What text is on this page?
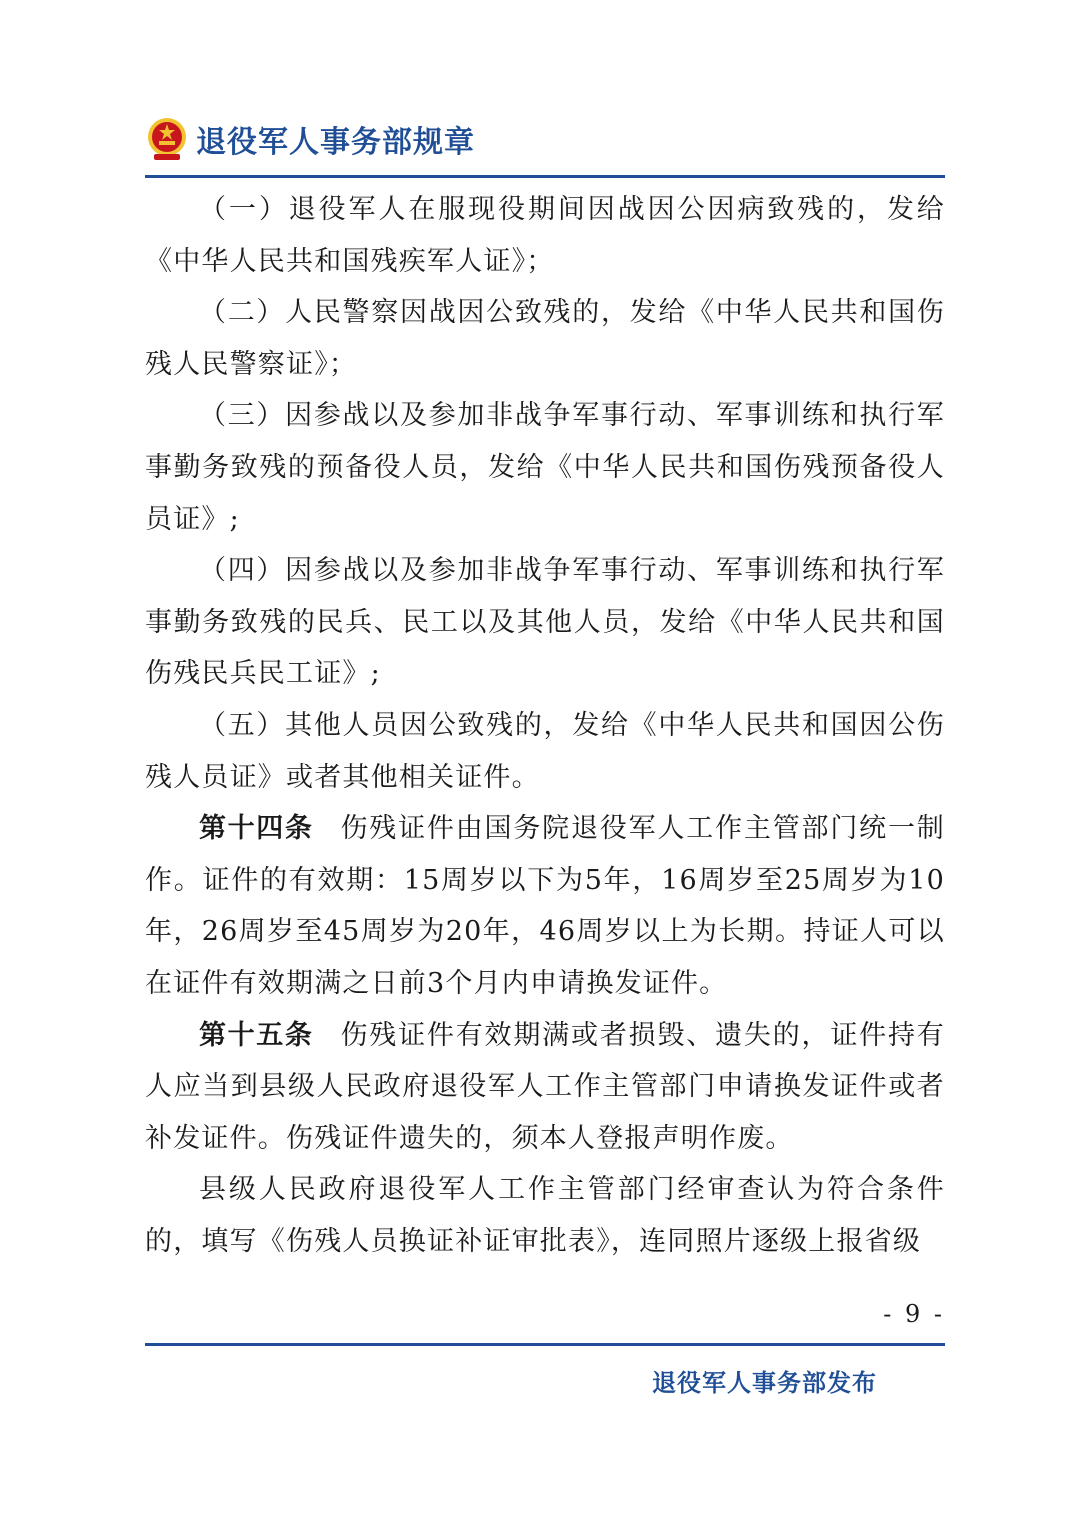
退役军人事务部规章

（一）退役军人在服现役期间因战因公因病致残的，发给《中华人民共和国残疾军人证》；

（二）人民警察因战因公致残的，发给《中华人民共和国伤残人民警察证》；

（三）因参战以及参加非战争军事行动、军事训练和执行军事勤务致残的预备役人员，发给《中华人民共和国伤残预备役人员证》;

（四）因参战以及参加非战争军事行动、军事训练和执行军事勤务致残的民兵、民工以及其他人员，发给《中华人民共和国伤残民兵民工证》;

（五）其他人员因公致残的，发给《中华人民共和国因公伤残人员证》或者其他相关证件。

第十四条 伤残证件由国务院退役军人工作主管部门统一制作。证件的有效期：15周岁以下为5年，16周岁至25周岁为10年，26周岁至45周岁为20年，46周岁以上为长期。持证人可以在证件有效期满之日前3个月内申请换发证件。

第十五条 伤残证件有效期满或者损毁、遗失的，证件持有人应当到县级人民政府退役军人工作主管部门申请换发证件或者补发证件。伤残证件遗失的，须本人登报声明作废。

县级人民政府退役军人工作主管部门经审查认为符合条件的，填写《伤残人员换证补证审批表》，连同照片逐级上报省级

- 9 -
退役军人事务部发布
